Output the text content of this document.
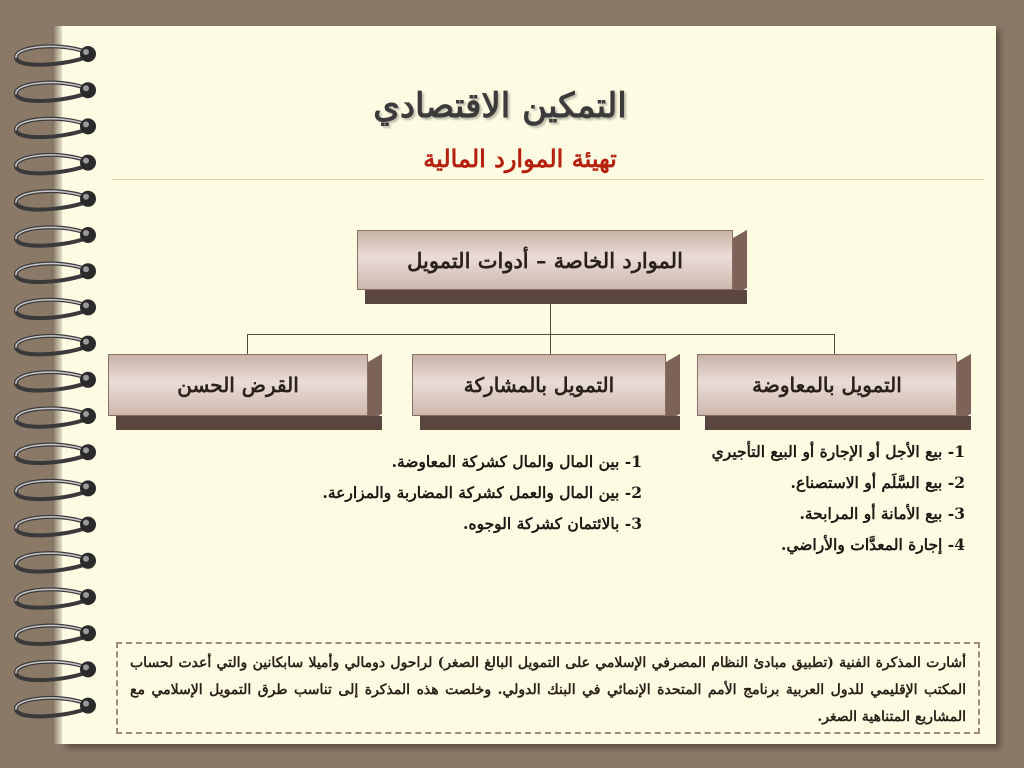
التمكين الاقتصادي
تهيئة الموارد المالية
الموارد الخاصة – أدوات التمويل
التمويل بالمعاوضة
التمويل بالمشاركة
القرض الحسن
1- بيع الأجل أو الإجارة أو البيع التأجيري
2- بيع السَّلَم أو الاستصناع.
3- بيع الأمانة أو المرابحة.
4- إجارة المعدَّات والأراضي.
1- بين المال والمال كشركة المعاوضة.
2- بين المال والعمل كشركة المضاربة والمزارعة.
3- بالائتمان كشركة الوجوه.
أشارت المذكرة الفنية (تطبيق مبادئ النظام المصرفي الإسلامي على التمويل البالغ الصغر) لراحول دومالي وأميلا سابكانين والتي أعدت لحساب المكتب الإقليمي للدول العربية برنامج الأمم المتحدة الإنمائي في البنك الدولي. وخلصت هذه المذكرة إلى تناسب طرق التمويل الإسلامي مع المشاريع المتناهية الصغر.
